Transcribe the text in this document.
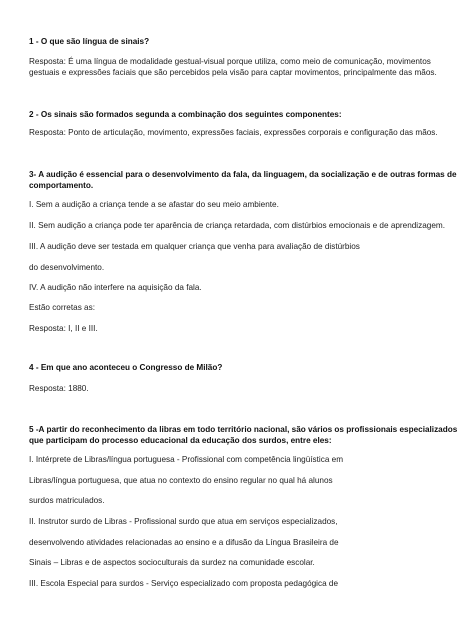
1 - O que são língua de sinais?
Resposta: É uma língua de modalidade gestual-visual porque utiliza, como meio de comunicação, movimentos
gestuais e expressões faciais que são percebidos pela visão para captar movimentos, principalmente das mãos.
2 - Os sinais são formados segunda a combinação dos seguintes componentes:
Resposta: Ponto de articulação, movimento, expressões faciais, expressões corporais e configuração das mãos.
3- A audição é essencial para o desenvolvimento da fala, da linguagem, da socialização e de outras formas de
comportamento.
I. Sem a audição a criança tende a se afastar do seu meio ambiente.
II. Sem audição a criança pode ter aparência de criança retardada, com distúrbios emocionais e de aprendizagem.
III. A audição deve ser testada em qualquer criança que venha para avaliação de distúrbios
do desenvolvimento.
IV. A audição não interfere na aquisição da fala.
Estão corretas as:
Resposta: I, II e III.
4 - Em que ano aconteceu o Congresso de Milão?
Resposta: 1880.
5 -A partir do reconhecimento da libras em todo território nacional, são vários os profissionais especializados
que participam do processo educacional da educação dos surdos, entre eles:
I. Intérprete de Libras/língua portuguesa - Profissional com competência lingüística em
Libras/língua portuguesa, que atua no contexto do ensino regular no qual há alunos
surdos matriculados.
II. Instrutor surdo de Libras - Profissional surdo que atua em serviços especializados,
desenvolvendo atividades relacionadas ao ensino e a difusão da Língua Brasileira de
Sinais – Libras e de aspectos socioculturais da surdez na comunidade escolar.
III. Escola Especial para surdos - Serviço especializado com proposta pedagógica de
